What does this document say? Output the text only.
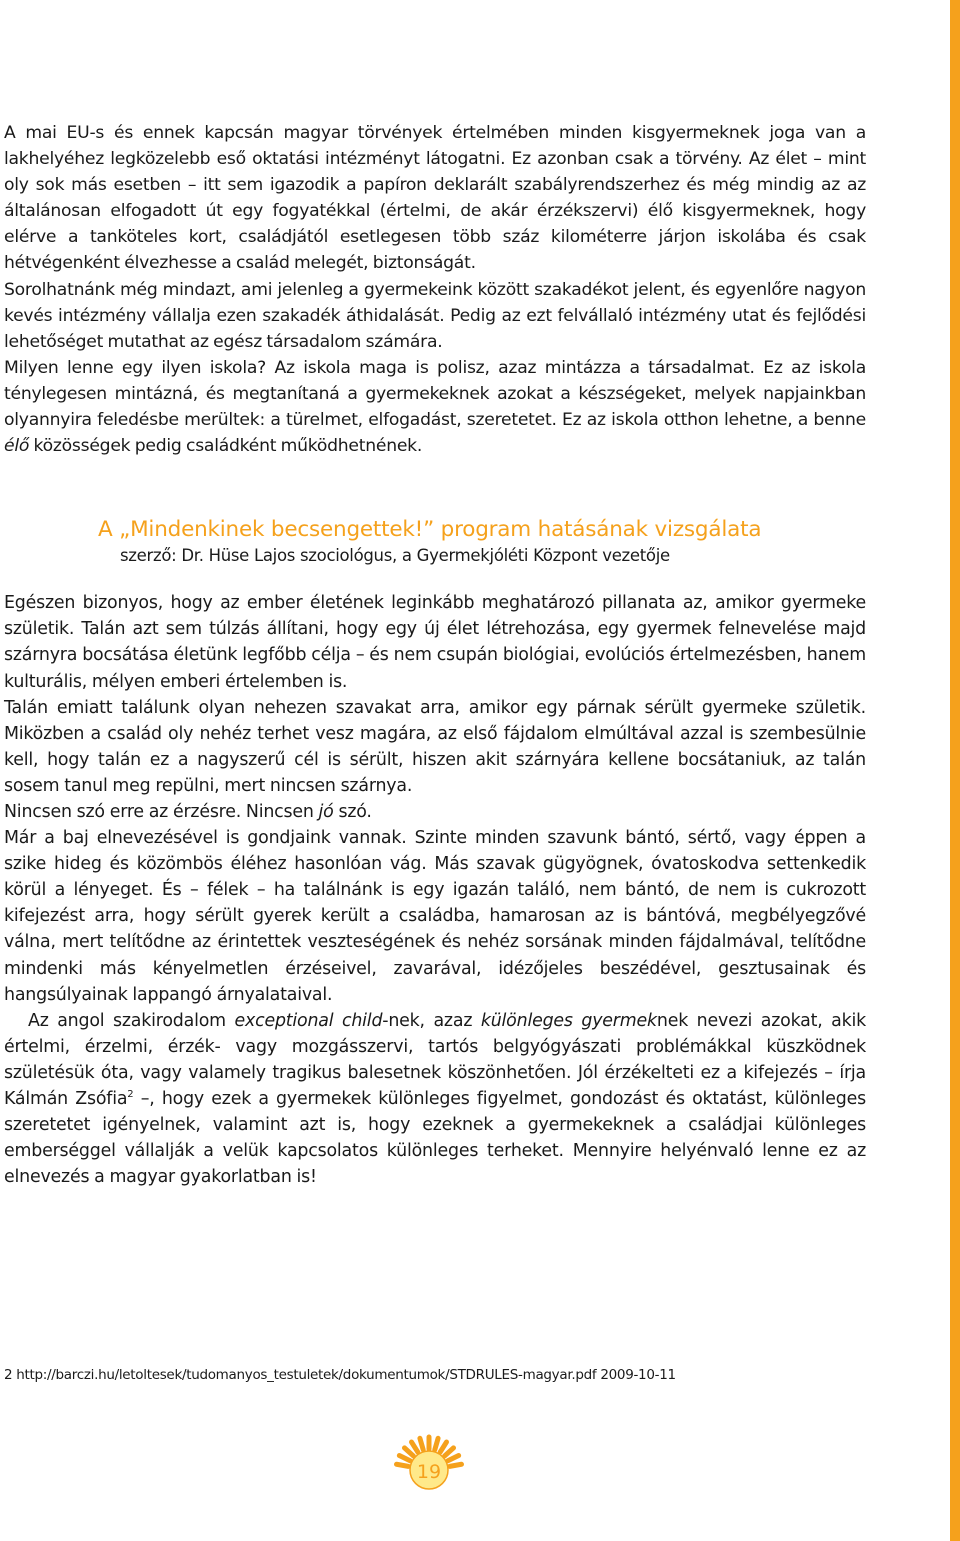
A mai EU-s és ennek kapcsán magyar törvények értelmében minden kisgyermeknek joga van a lakhelyéhez legközelebb eső oktatási intézményt látogatni. Ez azonban csak a törvény. Az élet – mint oly sok más esetben – itt sem igazodik a papíron deklarált szabályrendszerhez és még mindig az az általánosan elfogadott út egy fogyatékkal (értelmi, de akár érzékszervi) élő kisgyermeknek, hogy elérve a tanköteles kort, családjától esetlegesen több száz kilométerre járjon iskolába és csak hétvégenként élvezhesse a család melegét, biztonságát.

Sorolhatnánk még mindazt, ami jelenleg a gyermekeink között szakadékot jelent, és egyenlőre nagyon kevés intézmény vállalja ezen szakadék áthidalását. Pedig az ezt felvállaló intézmény utat és fejlődési lehetőséget mutathat az egész társadalom számára.

Milyen lenne egy ilyen iskola? Az iskola maga is polisz, azaz mintázza a társadalmat. Ez az iskola ténylegesen mintázná, és megtanítaná a gyermekeknek azokat a készségeket, melyek napjainkban olyannyira feledésbe merültek: a türelmet, elfogadást, szeretetet. Ez az iskola otthon lehetne, a benne élő közösségek pedig családként működhetnének.

A „Mindenkinek becsengettek!” program hatásának vizsgálata
szerző: Dr. Hüse Lajos szociológus, a Gyermekjóléti Központ vezetője

Egészen bizonyos, hogy az ember életének leginkább meghatározó pillanata az, amikor gyermeke születik. Talán azt sem túlzás állítani, hogy egy új élet létrehozása, egy gyermek felnevelése majd szárnyra bocsátása életünk legfőbb célja – és nem csupán biológiai, evolúciós értelmezésben, hanem kulturális, mélyen emberi értelemben is.

Talán emiatt találunk olyan nehezen szavakat arra, amikor egy párnak sérült gyermeke születik. Miközben a család oly nehéz terhet vesz magára, az első fájdalom elmúltával azzal is szembesülnie kell, hogy talán ez a nagyszerű cél is sérült, hiszen akit szárnyára kellene bocsátaniuk, az talán sosem tanul meg repülni, mert nincsen szárnya.

Nincsen szó erre az érzésre. Nincsen jó szó.

Már a baj elnevezésével is gondjaink vannak. Szinte minden szavunk bántó, sértő, vagy éppen a szike hideg és közömbös éléhez hasonlóan vág. Más szavak gügyögnek, óvatoskodva settenkedik körül a lényeget. És – félek – ha találnánk is egy igazán találó, nem bántó, de nem is cukrozott kifejezést arra, hogy sérült gyerek került a családba, hamarosan az is bántóvá, megbélyegzővé válna, mert telítődne az érintettek veszteségének és nehéz sorsának minden fájdalmával, telítődne mindenki más kényelmetlen érzéseivel, zavarával, idézőjeles beszédével, gesztusainak és hangsúlyainak lappangó árnyalataival.

Az angol szakirodalom exceptional child-nek, azaz különleges gyermeknek nevezi azokat, akik értelmi, érzelmi, érzék- vagy mozgásszervi, tartós belgyógyászati problémákkal küszködnek születésük óta, vagy valamely tragikus balesetnek köszönhetően. Jól érzékelteti ez a kifejezés – írja Kálmán Zsófia$^2$ –, hogy ezek a gyermekek különleges figyelmet, gondozást és oktatást, különleges szeretetet igényelnek, valamint azt is, hogy ezeknek a gyermekeknek a családjai különleges emberséggel vállalják a velük kapcsolatos különleges terheket. Mennyire helyénvaló lenne ez az elnevezés a magyar gyakorlatban is!

2 http://barczi.hu/letoltesek/tudomanyos_testuletek/dokumentumok/STDRULES-magyar.pdf 2009-10-11
19
